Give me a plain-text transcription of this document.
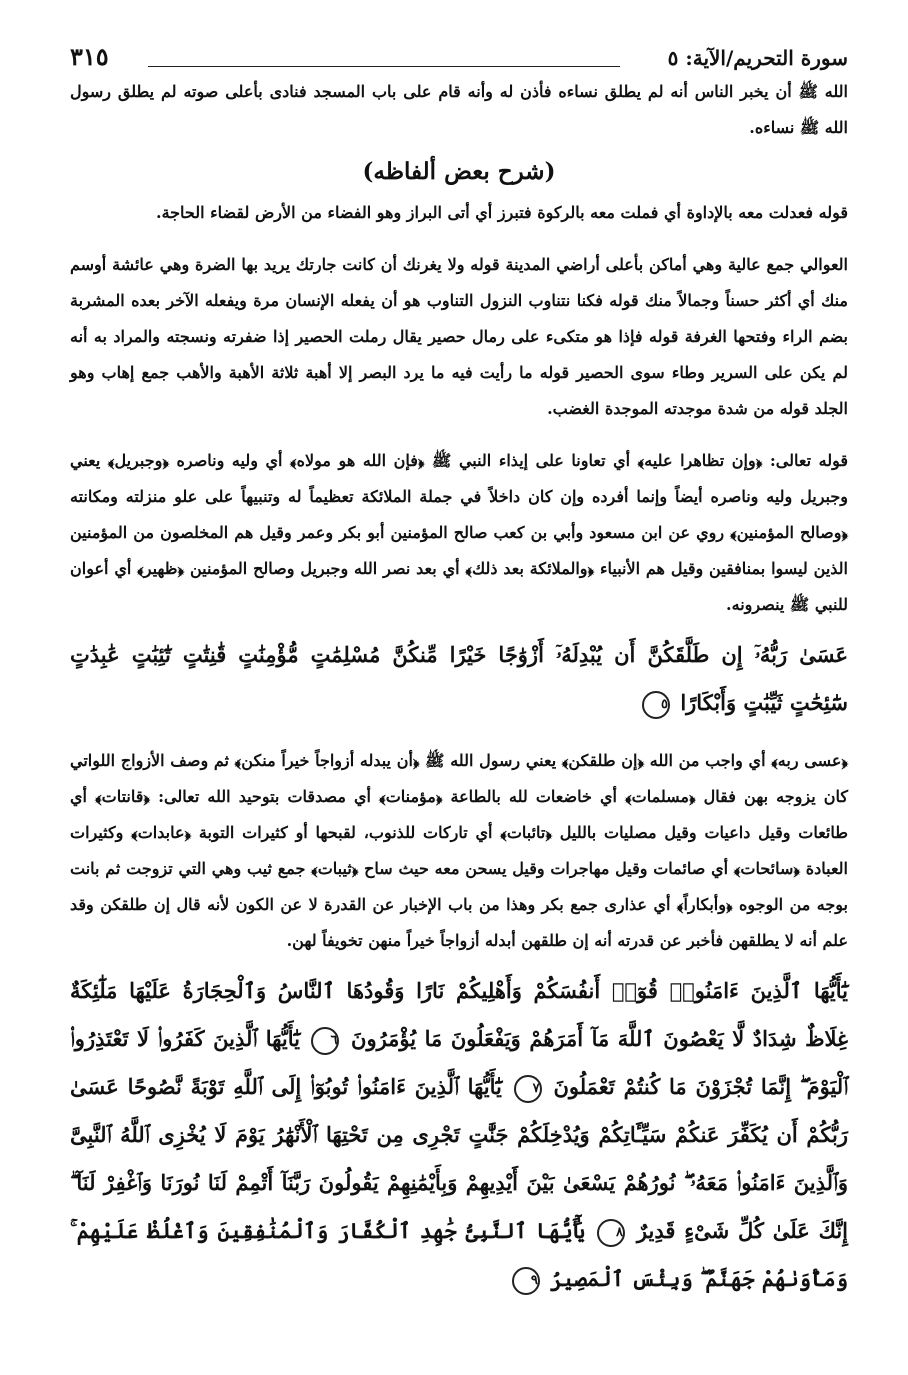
سورة التحريم/الآية: ٥
٣١٥

الله ﷺ أن يخبر الناس أنه لم يطلق نساءه فأذن له وأنه قام على باب المسجد فنادى بأعلى صوته لم يطلق رسول الله ﷺ نساءه.

(شرح بعض ألفاظه)

قوله فعدلت معه بالإداوة أي فملت معه بالركوة فتبرز أي أتى البراز وهو الفضاء من الأرض لقضاء الحاجة.

العوالي جمع عالية وهي أماكن بأعلى أراضي المدينة قوله ولا يغرنك أن كانت جارتك يريد بها الضرة وهي عائشة أوسم منك أي أكثر حسناً وجمالاً منك قوله فكنا نتناوب النزول التناوب هو أن يفعله الإنسان مرة ويفعله الآخر بعده المشربة بضم الراء وفتحها الغرفة قوله فإذا هو متكىء على رمال حصير يقال رملت الحصير إذا ضفرته ونسجته والمراد به أنه لم يكن على السرير وطاء سوى الحصير قوله ما رأيت فيه ما يرد البصر إلا أهبة ثلاثة الأهبة والأهب جمع إهاب وهو الجلد قوله من شدة موجدته الموجدة الغضب.

قوله تعالى: ﴿وإن تظاهرا عليه﴾ أي تعاونا على إيذاء النبي ﷺ ﴿فإن الله هو مولاه﴾ أي وليه وناصره ﴿وجبريل﴾ يعني وجبريل وليه وناصره أيضاً وإنما أفرده وإن كان داخلاً في جملة الملائكة تعظيماً له وتنبيهاً على علو منزلته ومكانته ﴿وصالح المؤمنين﴾ روي عن ابن مسعود وأبي بن كعب صالح المؤمنين أبو بكر وعمر وقيل هم المخلصون من المؤمنين الذين ليسوا بمنافقين وقيل هم الأنبياء ﴿والملائكة بعد ذلك﴾ أي بعد نصر الله وجبريل وصالح المؤمنين ﴿ظهير﴾ أي أعوان للنبي ﷺ ينصرونه.

عَسَىٰ رَبُّهُۥٓ إِن طَلَّقَكُنَّ أَن يُبْدِلَهُۥٓ أَزْوَٰجًا خَيْرًا مِّنكُنَّ مُسْلِمَٰتٍ مُّؤْمِنَٰتٍ قَٰنِتَٰتٍ تَٰٓئِبَٰتٍ عَٰبِدَٰتٍ سَٰٓئِحَٰتٍ ثَيِّبَٰتٍ وَأَبْكَارًا ٥

﴿عسى ربه﴾ أي واجب من الله ﴿إن طلقكن﴾ يعني رسول الله ﷺ ﴿أن يبدله أزواجاً خيراً منكن﴾ ثم وصف الأزواج اللواتي كان يزوجه بهن فقال ﴿مسلمات﴾ أي خاضعات لله بالطاعة ﴿مؤمنات﴾ أي مصدقات بتوحيد الله تعالى: ﴿قانتات﴾ أي طائعات وقيل داعيات وقيل مصليات بالليل ﴿تائبات﴾ أي تاركات للذنوب، لقبحها أو كثيرات التوبة ﴿عابدات﴾ وكثيرات العبادة ﴿سائحات﴾ أي صائمات وقيل مهاجرات وقيل يسحن معه حيث ساح ﴿ثيبات﴾ جمع ثيب وهي التي تزوجت ثم بانت بوجه من الوجوه ﴿وأبكاراً﴾ أي عذارى جمع بكر وهذا من باب الإخبار عن القدرة لا عن الكون لأنه قال إن طلقكن وقد علم أنه لا يطلقهن فأخبر عن قدرته أنه إن طلقهن أبدله أزواجاً خيراً منهن تخويفاً لهن.

يَٰٓأَيُّهَا ٱلَّذِينَ ءَامَنُوا۟ قُوٓا۟ أَنفُسَكُمْ وَأَهْلِيكُمْ نَارًا وَقُودُهَا ٱلنَّاسُ وَٱلْحِجَارَةُ عَلَيْهَا مَلَٰٓئِكَةٌ غِلَاظٌ شِدَادٌ لَّا يَعْصُونَ ٱللَّهَ مَآ أَمَرَهُمْ وَيَفْعَلُونَ مَا يُؤْمَرُونَ ٦ يَٰٓأَيُّهَا ٱلَّذِينَ كَفَرُوا۟ لَا تَعْتَذِرُوا۟ ٱلْيَوْمَ ۖ إِنَّمَا تُجْزَوْنَ مَا كُنتُمْ تَعْمَلُونَ ٧ يَٰٓأَيُّهَا ٱلَّذِينَ ءَامَنُوا۟ تُوبُوٓا۟ إِلَى ٱللَّهِ تَوْبَةً نَّصُوحًا عَسَىٰ رَبُّكُمْ أَن يُكَفِّرَ عَنكُمْ سَيِّـَٔاتِكُمْ وَيُدْخِلَكُمْ جَنَّٰتٍ تَجْرِى مِن تَحْتِهَا ٱلْأَنْهَٰرُ يَوْمَ لَا يُخْزِى ٱللَّهُ ٱلنَّبِىَّ وَٱلَّذِينَ ءَامَنُوا۟ مَعَهُۥ ۖ نُورُهُمْ يَسْعَىٰ بَيْنَ أَيْدِيهِمْ وَبِأَيْمَٰنِهِمْ يَقُولُونَ رَبَّنَآ أَتْمِمْ لَنَا نُورَنَا وَٱغْفِرْ لَنَآ ۖ إِنَّكَ عَلَىٰ كُلِّ شَىْءٍ قَدِيرٌ ٨ يَٰٓأَيُّهَا ٱلنَّبِىُّ جَٰهِدِ ٱلْكُفَّارَ وَٱلْمُنَٰفِقِينَ وَٱغْلُظْ عَلَيْهِمْ ۚ وَمَأْوَىٰهُمْ جَهَنَّمُ ۖ وَبِئْسَ ٱلْمَصِيرُ ٩
